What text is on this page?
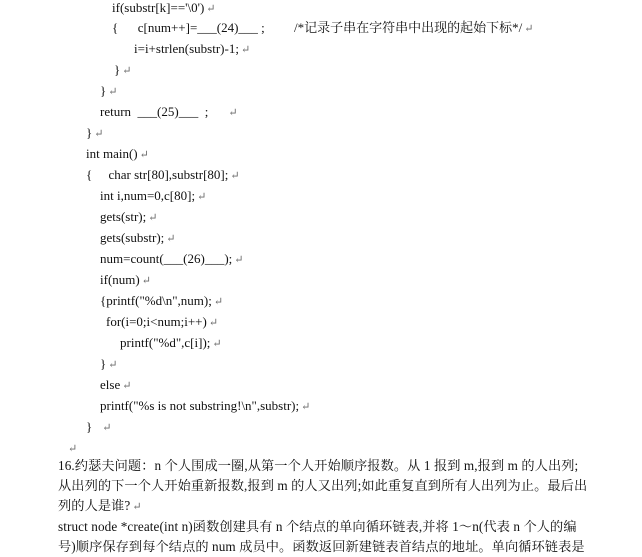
if(substr[k]=='\0') ↵
{      c[num++]=___(24)___ ;         /*记录子串在字符串中出现的起始下标*/ ↵
i=i+strlen(substr)-1; ↵
} ↵
} ↵
return  ___(25)___  ; ↵
} ↵
int main() ↵
{     char str[80],substr[80]; ↵
int i,num=0,c[80]; ↵
gets(str); ↵
gets(substr); ↵
num=count(___(26)___); ↵
if(num) ↵
{printf("%d\n",num); ↵
for(i=0;i<num;i++) ↵
printf("%d",c[i]); ↵
} ↵
else ↵
printf("%s is not substring!\n",substr); ↵
} ↵
↵
16.约瑟夫问题：n 个人围成一圈,从第一个人开始顺序报数。从 1 报到 m,报到 m 的人出列;
从出列的下一个人开始重新报数,报到 m 的人又出列;如此重复直到所有人出列为止。最后出
列的人是谁? ↵
struct node *create(int n)函数创建具有 n 个结点的单向循环链表,并将 1～n(代表 n 个人的编
号)顺序保存到每个结点的 num 成员中。函数返回新建链表首结点的地址。单向循环链表是
